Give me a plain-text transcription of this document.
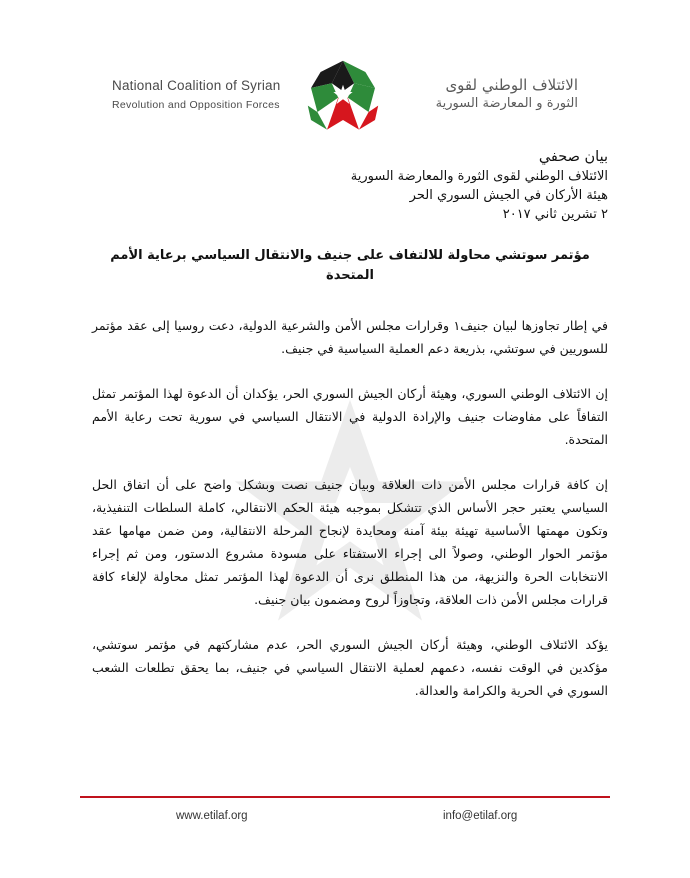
National Coalition of Syrian
Revolution and Opposition Forces
الائتلاف الوطني لقوى
الثورة و المعارضة السورية
بيان صحفي
الائتلاف الوطني لقوى الثورة والمعارضة السورية
هيئة الأركان في الجيش السوري الحر
٢ تشرين ثاني ٢٠١٧
مؤتمر سوتشي محاولة للالتفاف على جنيف والانتقال السياسي برعاية الأمم المتحدة
في إطار تجاوزها لبيان جنيف١ وقرارات مجلس الأمن والشرعية الدولية، دعت روسيا إلى عقد مؤتمر للسوريين في سوتشي، بذريعة دعم العملية السياسية في جنيف.
إن الائتلاف الوطني السوري، وهيئة أركان الجيش السوري الحر، يؤكدان أن الدعوة لهذا المؤتمر تمثل التفافاً على مفاوضات جنيف والإرادة الدولية في الانتقال السياسي في سورية تحت رعاية الأمم المتحدة.
إن كافة قرارات مجلس الأمن ذات العلاقة وبيان جنيف نصت وبشكل واضح على أن اتفاق الحل السياسي يعتبر حجر الأساس الذي تتشكل بموجبه هيئة الحكم الانتقالي، كاملة السلطات التنفيذية، وتكون مهمتها الأساسية تهيئة بيئة آمنة ومحايدة لإنجاح المرحلة الانتقالية، ومن ضمن مهامها عقد مؤتمر الحوار الوطني، وصولاً الى إجراء الاستفتاء على مسودة مشروع الدستور، ومن ثم إجراء الانتخابات الحرة والنزيهة، من هذا المنطلق نرى أن الدعوة لهذا المؤتمر تمثل محاولة لإلغاء كافة قرارات مجلس الأمن ذات العلاقة، وتجاوزاً لروح ومضمون بيان جنيف.
يؤكد الائتلاف الوطني، وهيئة أركان الجيش السوري الحر، عدم مشاركتهم في مؤتمر سوتشي، مؤكدين في الوقت نفسه، دعمهم لعملية الانتقال السياسي في جنيف، بما يحقق تطلعات الشعب السوري في الحرية والكرامة والعدالة.
www.etilaf.org	info@etilaf.org
